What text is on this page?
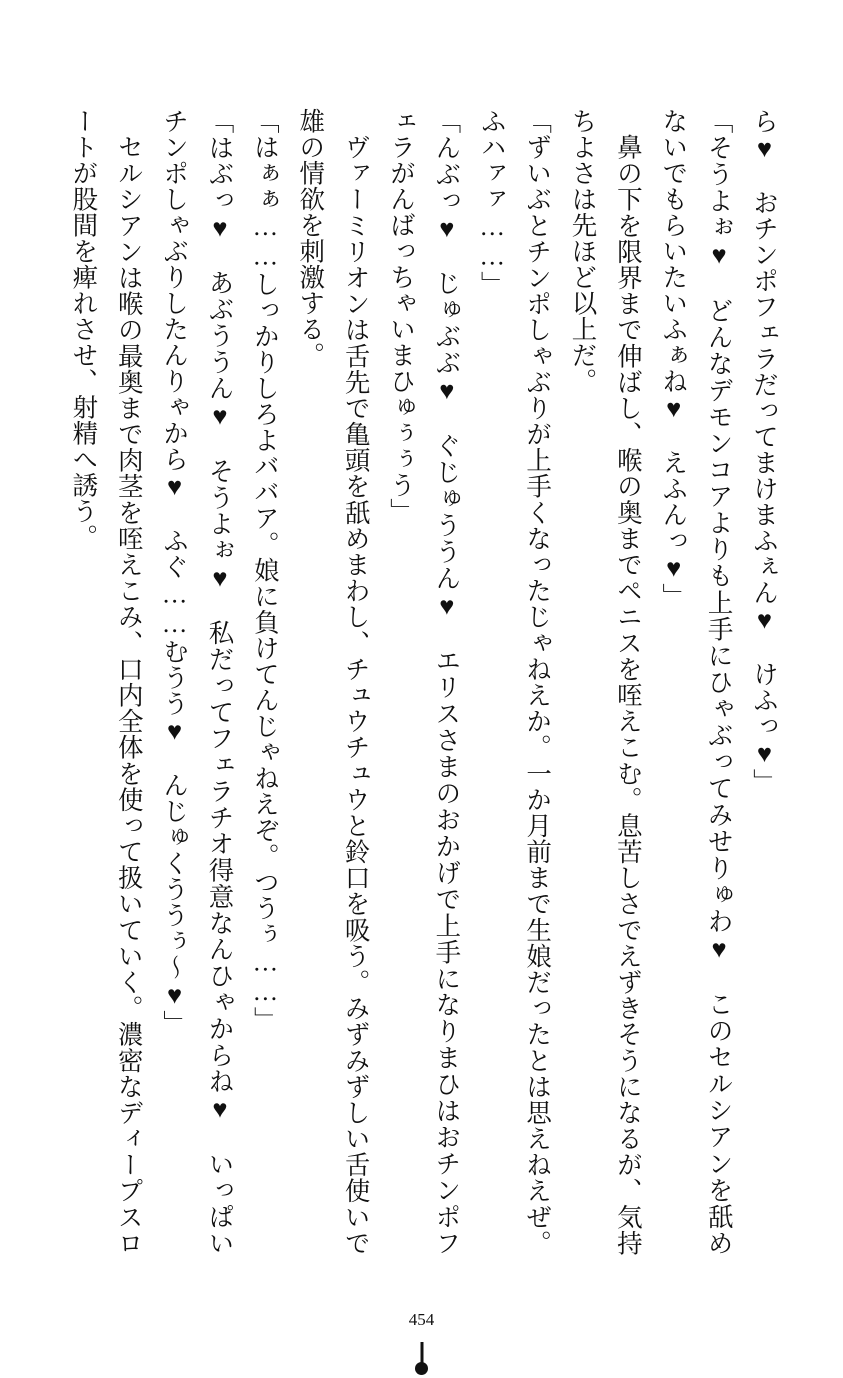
ら♥　おチンポフェラだってまけまふぇん♥　けふっ♥」

「そうよぉ♥　どんなデモンコアよりも上手にひゃぶってみせりゅわ♥　このセルシアンを舐めないでもらいたいふぁね♥　えふんっ♥」

　鼻の下を限界まで伸ばし、喉の奥までペニスを咥えこむ。息苦しさでえずきそうになるが、気持ちよさは先ほど以上だ。

「ずいぶとチンポしゃぶりが上手くなったじゃねえか。一か月前まで生娘だったとは思えねえぜ。ふハァァ……」

「んぶっ♥　じゅぶぶ♥　ぐじゅううん♥　エリスさまのおかげで上手になりまひはおチンポフェラがんばっちゃいまひゅぅぅう」

　ヴァーミリオンは舌先で亀頭を舐めまわし、チュウチュウと鈴口を吸う。みずみずしい舌使いで雄の情欲を刺激する。

「はぁぁ……しっかりしろよババア。娘に負けてんじゃねえぞ。つうぅ……」

「はぶっ♥　あぶううん♥　そうよぉ♥　私だってフェラチオ得意なんひゃからね♥　いっぱいチンポしゃぶりしたんりゃから♥　ふぐ……むうう♥　んじゅくううぅ～♥」

　セルシアンは喉の最奥まで肉茎を咥えこみ、口内全体を使って扱いていく。濃密なディープスロートが股間を痺れさせ、射精へ誘う。

454
